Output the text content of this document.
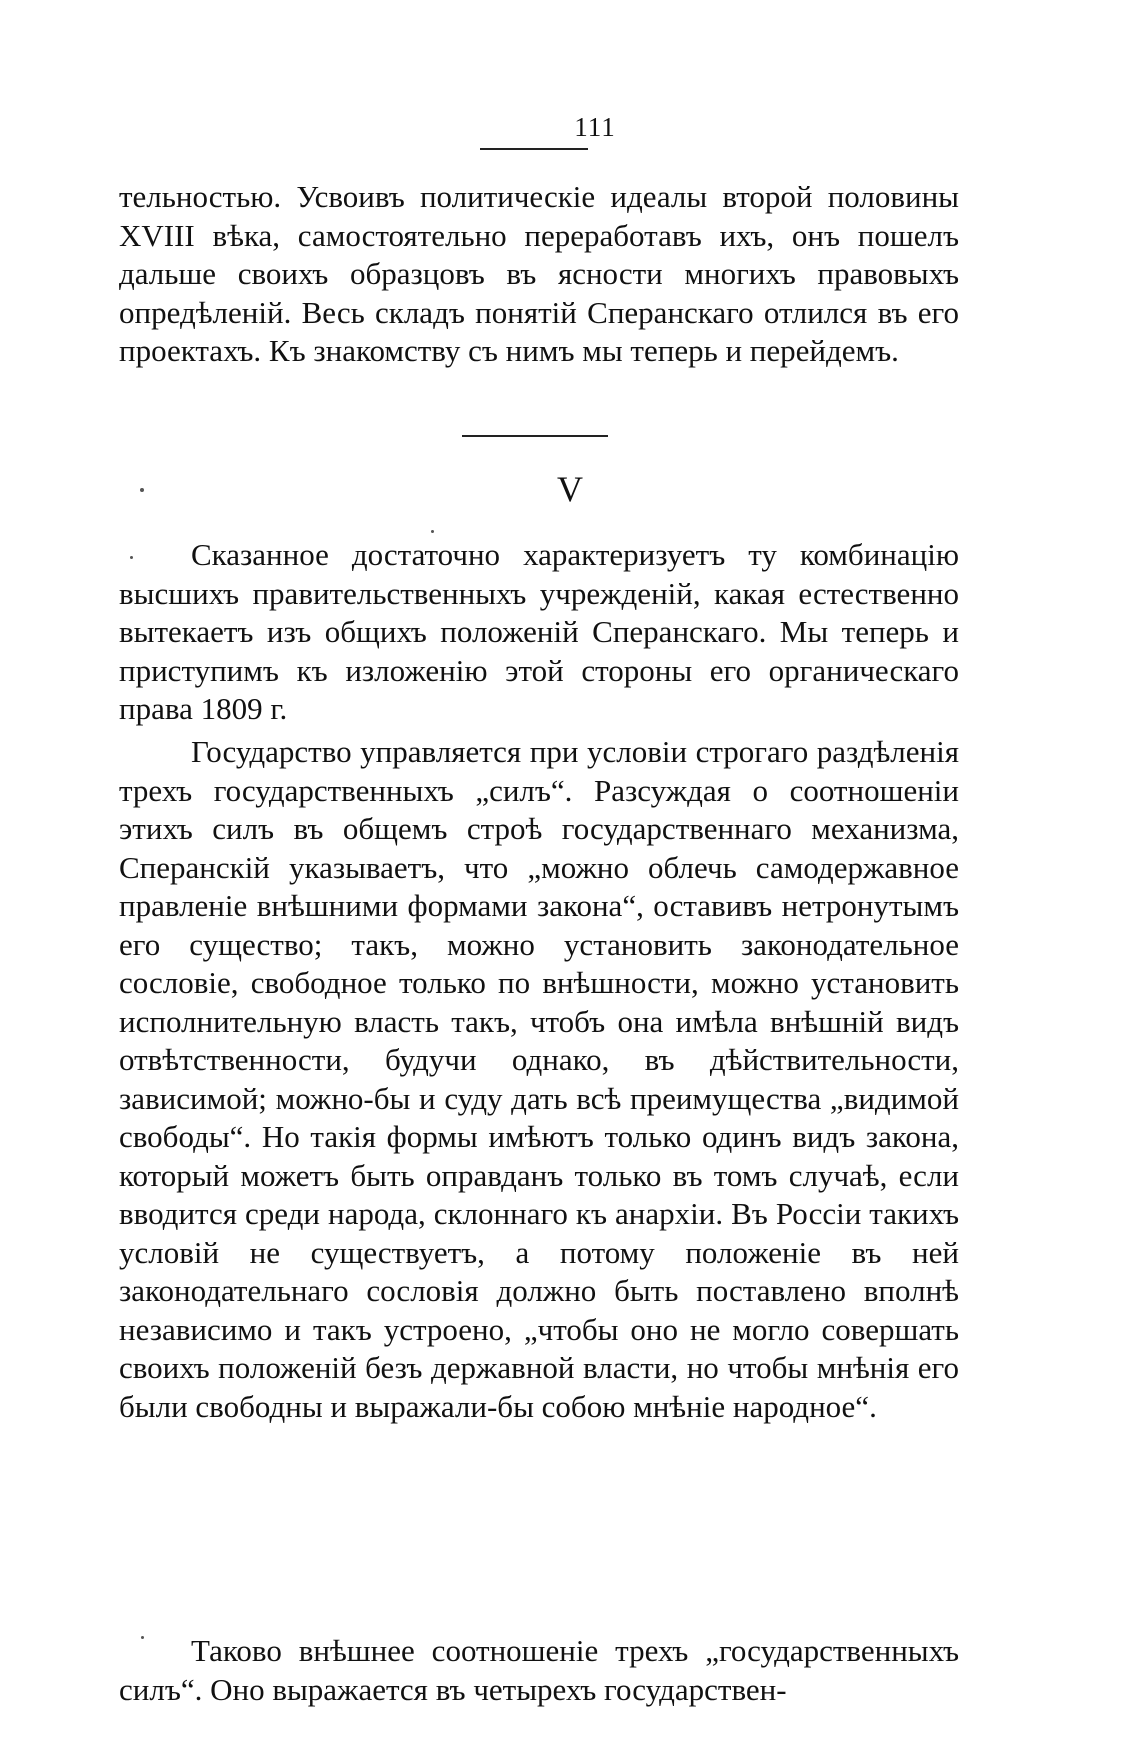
111

тельностью. Усвоивъ политическіе идеалы второй половины XVIII вѣка, самостоятельно переработавъ ихъ, онъ пошелъ дальше своихъ образцовъ въ ясности многихъ правовыхъ опредѣленій. Весь складъ понятій Сперанскаго отлился въ его проектахъ. Къ знакомству съ нимъ мы теперь и перейдемъ.

V

Сказанное достаточно характеризуетъ ту комбинацію высшихъ правительственныхъ учрежденій, какая естественно вытекаетъ изъ общихъ положеній Сперанскаго. Мы теперь и приступимъ къ изложенію этой стороны его органическаго права 1809 г.

Государство управляется при условіи строгаго раздѣленія трехъ государственныхъ „силъ“. Разсуждая о соотношеніи этихъ силъ въ общемъ строѣ государственнаго механизма, Сперанскій указываетъ, что „можно облечь самодержавное правленіе внѣшними формами закона“, оставивъ нетронутымъ его существо; такъ, можно установить законодательное сословіе, свободное только по внѣшности, можно установить исполнительную власть такъ, чтобъ она имѣла внѣшній видъ отвѣтственности, будучи однако, въ дѣйствительности, зависимой; можно-бы и суду дать всѣ преимущества „видимой свободы“. Но такія формы имѣютъ только одинъ видъ закона, который можетъ быть оправданъ только въ томъ случаѣ, если вводится среди народа, склоннаго къ анархіи. Въ Россіи такихъ условій не существуетъ, а потому положеніе въ ней законодательнаго сословія должно быть поставлено вполнѣ независимо и такъ устроено, „чтобы оно не могло совершать своихъ положеній безъ державной власти, но чтобы мнѣнія его были свободны и выражали-бы собою мнѣніе народное“.

Таково внѣшнее соотношеніе трехъ „государственныхъ силъ“. Оно выражается въ четырехъ государствен-
